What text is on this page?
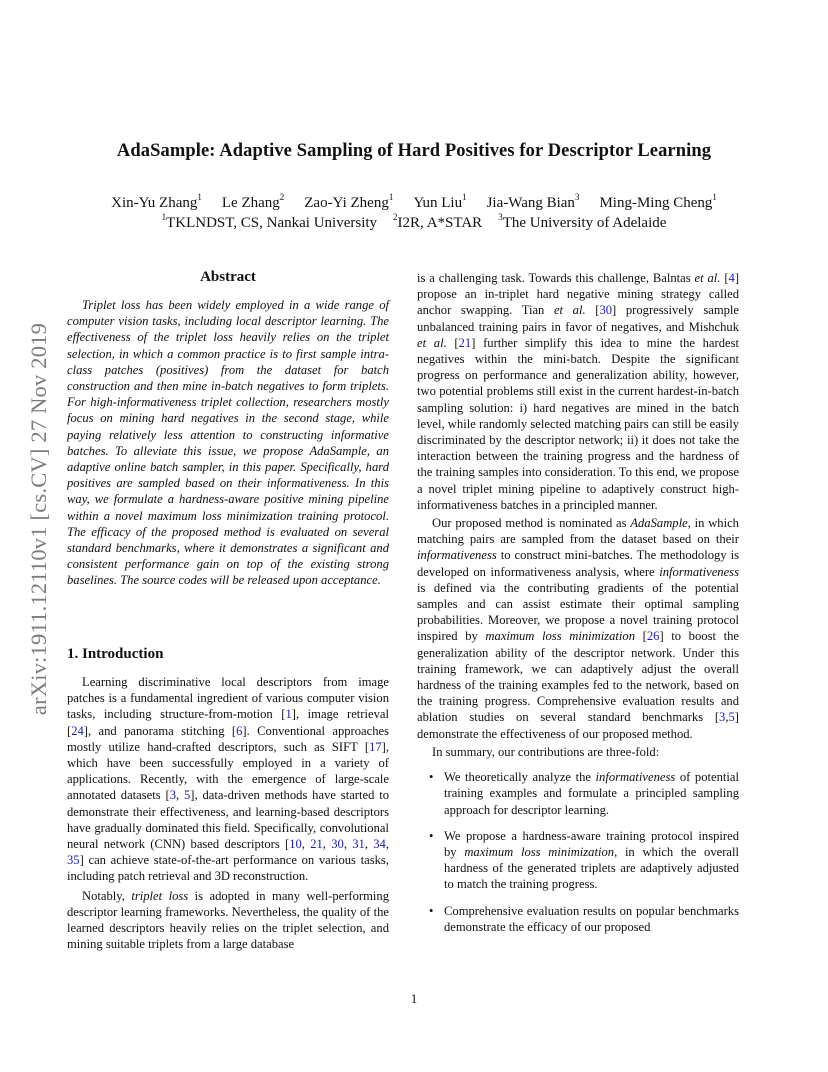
arXiv:1911.12110v1 [cs.CV] 27 Nov 2019
AdaSample: Adaptive Sampling of Hard Positives for Descriptor Learning
Xin-Yu Zhang$^1$ Le Zhang$^2$ Zao-Yi Zheng$^1$ Yun Liu$^1$ Jia-Wang Bian$^3$ Ming-Ming Cheng$^1$
$^1$TKLNDST, CS, Nankai University $^2$I2R, A*STAR $^3$The University of Adelaide
Abstract

Triplet loss has been widely employed in a wide range of computer vision tasks, including local descriptor learning. The effectiveness of the triplet loss heavily relies on the triplet selection, in which a common practice is to first sample intra-class patches (positives) from the dataset for batch construction and then mine in-batch negatives to form triplets. For high-informativeness triplet collection, researchers mostly focus on mining hard negatives in the second stage, while paying relatively less attention to constructing informative batches. To alleviate this issue, we propose AdaSample, an adaptive online batch sampler, in this paper. Specifically, hard positives are sampled based on their informativeness. In this way, we formulate a hardness-aware positive mining pipeline within a novel maximum loss minimization training protocol. The efficacy of the proposed method is evaluated on several standard benchmarks, where it demonstrates a significant and consistent performance gain on top of the existing strong baselines. The source codes will be released upon acceptance.

1. Introduction

Learning discriminative local descriptors from image patches is a fundamental ingredient of various computer vision tasks, including structure-from-motion [1], image retrieval [24], and panorama stitching [6]. Conventional approaches mostly utilize hand-crafted descriptors, such as SIFT [17], which have been successfully employed in a variety of applications. Recently, with the emergence of large-scale annotated datasets [3, 5], data-driven methods have started to demonstrate their effectiveness, and learning-based descriptors have gradually dominated this field. Specifically, convolutional neural network (CNN) based descriptors [10, 21, 30, 31, 34, 35] can achieve state-of-the-art performance on various tasks, including patch retrieval and 3D reconstruction.

Notably, triplet loss is adopted in many well-performing descriptor learning frameworks. Nevertheless, the quality of the learned descriptors heavily relies on the triplet selection, and mining suitable triplets from a large database

is a challenging task. Towards this challenge, Balntas et al. [4] propose an in-triplet hard negative mining strategy called anchor swapping. Tian et al. [30] progressively sample unbalanced training pairs in favor of negatives, and Mishchuk et al. [21] further simplify this idea to mine the hardest negatives within the mini-batch. Despite the significant progress on performance and generalization ability, however, two potential problems still exist in the current hardest-in-batch sampling solution: i) hard negatives are mined in the batch level, while randomly selected matching pairs can still be easily discriminated by the descriptor network; ii) it does not take the interaction between the training progress and the hardness of the training samples into consideration. To this end, we propose a novel triplet mining pipeline to adaptively construct high-informativeness batches in a principled manner.

Our proposed method is nominated as AdaSample, in which matching pairs are sampled from the dataset based on their informativeness to construct mini-batches. The methodology is developed on informativeness analysis, where informativeness is defined via the contributing gradients of the potential samples and can assist estimate their optimal sampling probabilities. Moreover, we propose a novel training protocol inspired by maximum loss minimization [26] to boost the generalization ability of the descriptor network. Under this training framework, we can adaptively adjust the overall hardness of the training examples fed to the network, based on the training progress. Comprehensive evaluation results and ablation studies on several standard benchmarks [3,5] demonstrate the effectiveness of our proposed method.

In summary, our contributions are three-fold:

• We theoretically analyze the informativeness of potential training examples and formulate a principled sampling approach for descriptor learning.
• We propose a hardness-aware training protocol inspired by maximum loss minimization, in which the overall hardness of the generated triplets are adaptively adjusted to match the training progress.
• Comprehensive evaluation results on popular benchmarks demonstrate the efficacy of our proposed
1
